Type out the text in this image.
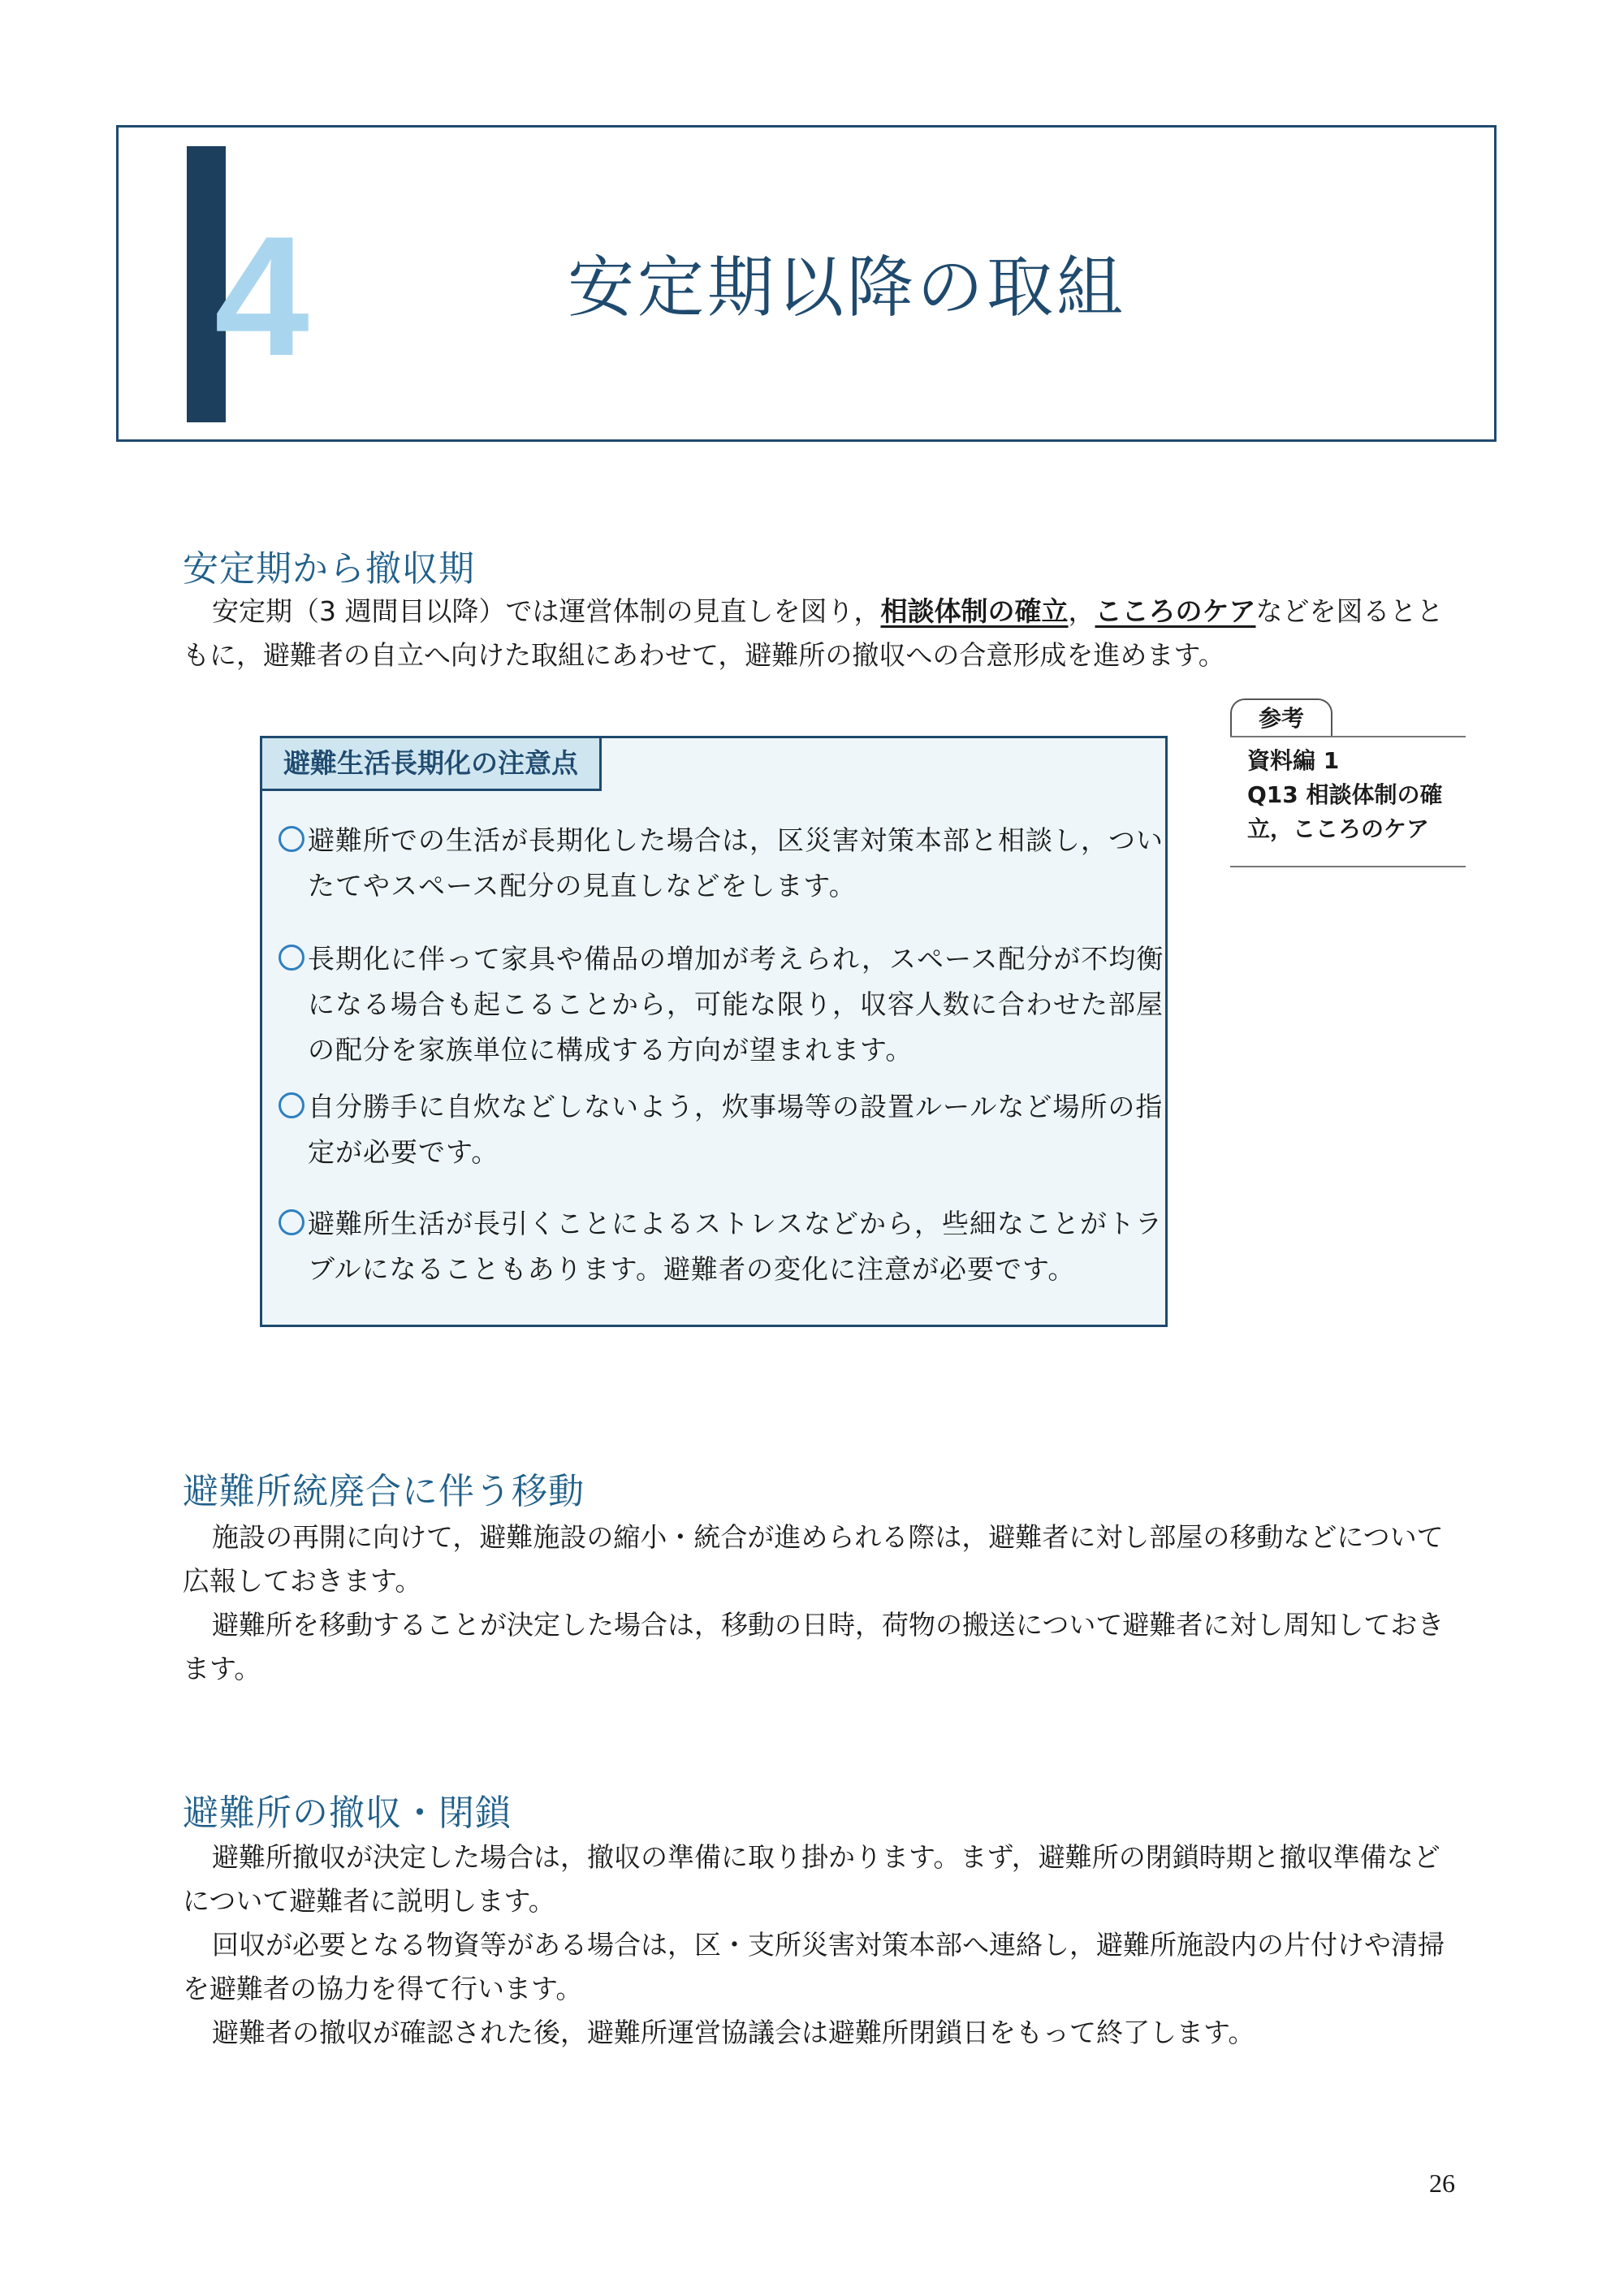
4	安定期以降の取組
安定期から撤収期

安定期（3 週間目以降）では運営体制の見直しを図り，相談体制の確立，こころのケアなどを図るとともに，避難者の自立へ向けた取組にあわせて，避難所の撤収への合意形成を進めます。

参考
資料編 1
Q13 相談体制の確立，こころのケア
避難生活長期化の注意点
避難所での生活が長期化した場合は，区災害対策本部と相談し，ついたてやスペース配分の見直しなどをします。
長期化に伴って家具や備品の増加が考えられ，スペース配分が不均衡になる場合も起こることから，可能な限り，収容人数に合わせた部屋の配分を家族単位に構成する方向が望まれます。
自分勝手に自炊などしないよう，炊事場等の設置ルールなど場所の指定が必要です。
避難所生活が長引くことによるストレスなどから，些細なことがトラブルになることもあります。避難者の変化に注意が必要です。
避難所統廃合に伴う移動

施設の再開に向けて，避難施設の縮小・統合が進められる際は，避難者に対し部屋の移動などについて広報しておきます。

避難所を移動することが決定した場合は，移動の日時，荷物の搬送について避難者に対し周知しておきます。

避難所の撤収・閉鎖

避難所撤収が決定した場合は，撤収の準備に取り掛かります。まず，避難所の閉鎖時期と撤収準備などについて避難者に説明します。

回収が必要となる物資等がある場合は，区・支所災害対策本部へ連絡し，避難所施設内の片付けや清掃を避難者の協力を得て行います。

避難者の撤収が確認された後，避難所運営協議会は避難所閉鎖日をもって終了します。

26
